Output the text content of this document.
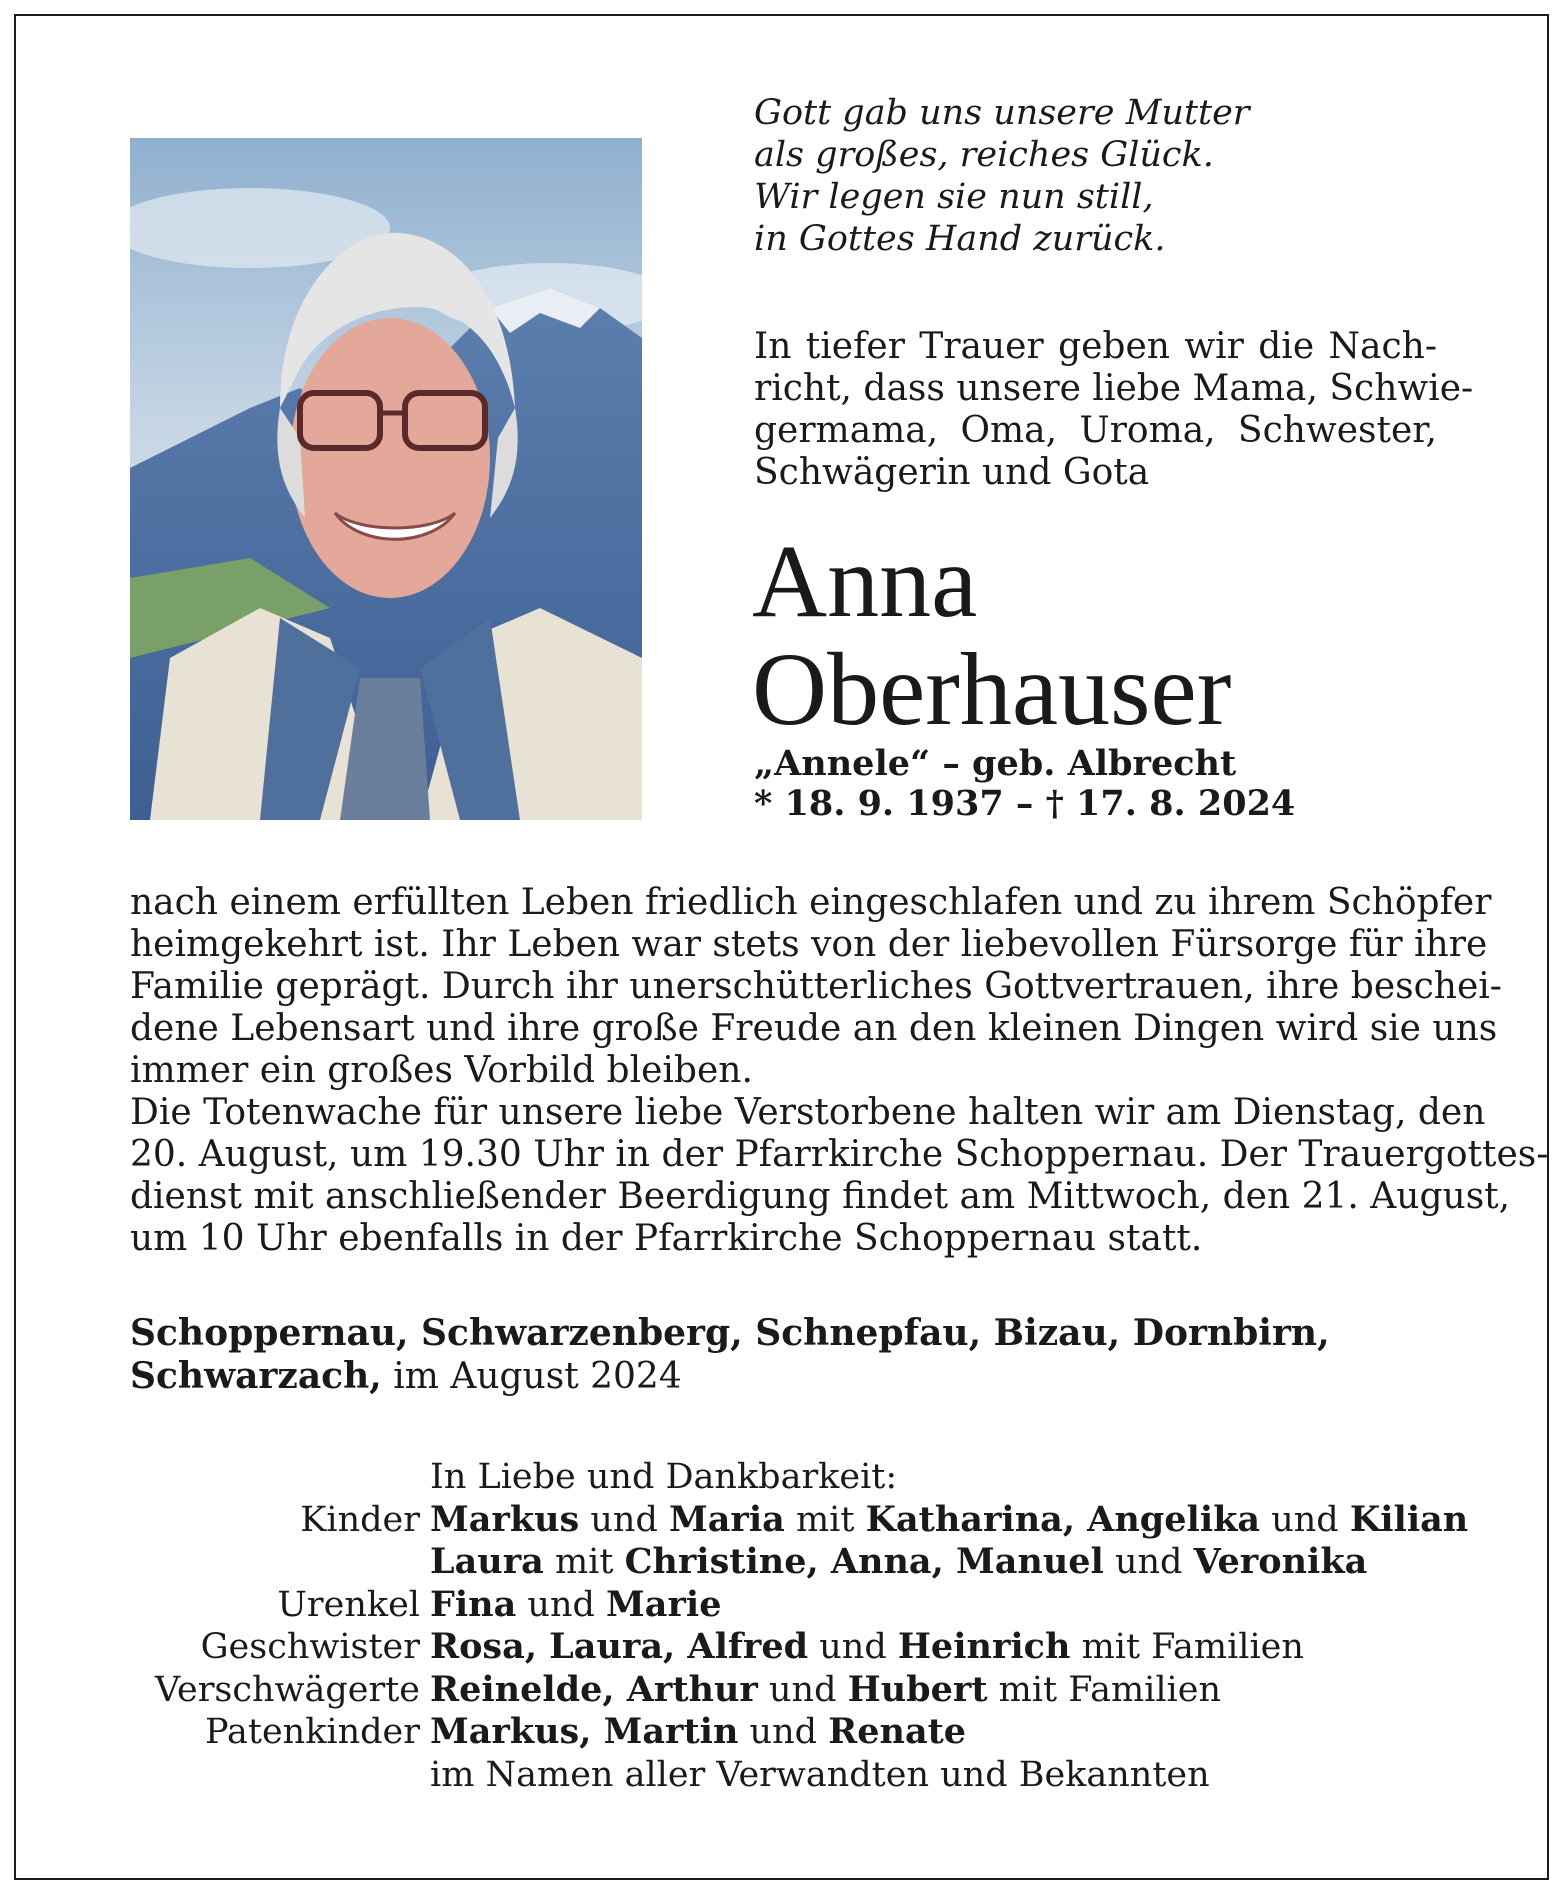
Gott gab uns unsere Mutter
als großes, reiches Glück.
Wir legen sie nun still,
in Gottes Hand zurück.
In tiefer Trauer geben wir die Nach-
richt, dass unsere liebe Mama, Schwie-
germama, Oma, Uroma, Schwester,
Schwägerin und Gota
Anna
Oberhauser
„Annele“ – geb. Albrecht
* 18. 9. 1937 – † 17. 8. 2024
nach einem erfüllten Leben friedlich eingeschlafen und zu ihrem Schöpfer
heimgekehrt ist. Ihr Leben war stets von der liebevollen Fürsorge für ihre
Familie geprägt. Durch ihr unerschütterliches Gottvertrauen, ihre beschei-
dene Lebensart und ihre große Freude an den kleinen Dingen wird sie uns
immer ein großes Vorbild bleiben.
Die Totenwache für unsere liebe Verstorbene halten wir am Dienstag, den
20. August, um 19.30 Uhr in der Pfarrkirche Schoppernau. Der Trauergottes-
dienst mit anschließender Beerdigung findet am Mittwoch, den 21. August,
um 10 Uhr ebenfalls in der Pfarrkirche Schoppernau statt.
Schoppernau, Schwarzenberg, Schnepfau, Bizau, Dornbirn,
Schwarzach, im August 2024
In Liebe und Dankbarkeit:
Kinder Markus und Maria mit Katharina, Angelika und Kilian
Laura mit Christine, Anna, Manuel und Veronika
Urenkel Fina und Marie
Geschwister Rosa, Laura, Alfred und Heinrich mit Familien
Verschwägerte Reinelde, Arthur und Hubert mit Familien
Patenkinder Markus, Martin und Renate
im Namen aller Verwandten und Bekannten
